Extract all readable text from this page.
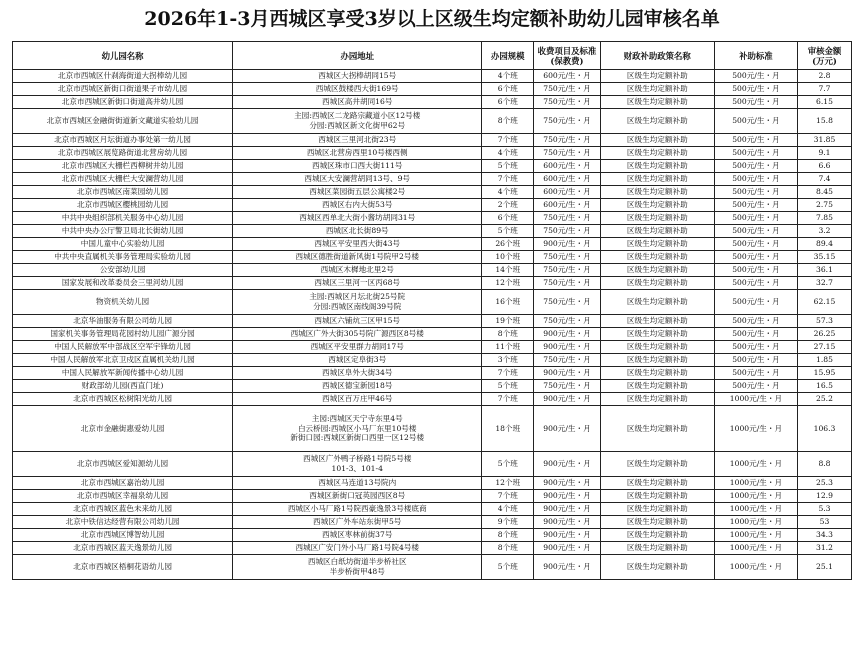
2026年1-3月西城区享受3岁以上区级生均定额补助幼儿园审核名单
幼儿园名称	办园地址	办园规模	收费项目及标准
(保教费)	财政补助政策名称	补助标准	审核金额
(万元)

北京市西城区什刹海街道大拐棒幼儿园	西城区大拐棒胡同15号	4个班	600元/生・月	区级生均定额补助	500元/生・月	2.8

北京市西城区新街口街道果子市幼儿园	西城区鼓楼西大街169号	6个班	750元/生・月	区级生均定额补助	500元/生・月	7.7

北京市西城区新街口街道高井幼儿园	西城区高井胡同16号	6个班	750元/生・月	区级生均定额补助	500元/生・月	6.15

北京市西城区金融街街道新文藏道实验幼儿园	主园:西城区二龙路宗藏道小区12号楼
分园:西城区新文化街甲62号	8个班	750元/生・月	区级生均定额补助	500元/生・月	15.8

北京市西城区月坛街道办事处第一幼儿园	西城区三里河北街23号	7个班	750元/生・月	区级生均定额补助	500元/生・月	31.85

北京市西城区展览路街道北营房幼儿园	西城区北营房西里10号楼西侧	4个班	750元/生・月	区级生均定额补助	500元/生・月	9.1

北京市西城区大栅栏西柳树井幼儿园	西城区珠市口西大街111号	5个班	600元/生・月	区级生均定额补助	500元/生・月	6.6

北京市西城区大栅栏大安澜营幼儿园	西城区大安澜营胡同13号、9号	7个班	600元/生・月	区级生均定额补助	500元/生・月	7.4

北京市西城区南菜园幼儿园	西城区菜园街五层公寓楼2号	4个班	600元/生・月	区级生均定额补助	500元/生・月	8.45

北京市西城区樱桃园幼儿园	西城区右内大街53号	2个班	600元/生・月	区级生均定额补助	500元/生・月	2.75

中共中央组织部机关服务中心幼儿园	西城区西单北大街小酱坊胡同31号	6个班	750元/生・月	区级生均定额补助	500元/生・月	7.85

中共中央办公厅警卫局北长街幼儿园	西城区北长街89号	5个班	750元/生・月	区级生均定额补助	500元/生・月	3.2

中国儿童中心实验幼儿园	西城区平安里西大街43号	26个班	900元/生・月	区级生均定额补助	500元/生・月	89.4

中共中央直属机关事务管理局实验幼儿园	西城区德胜街道新风街1号院甲2号楼	10个班	750元/生・月	区级生均定额补助	500元/生・月	35.15

公安部幼儿园	西城区木樨地北里2号	14个班	750元/生・月	区级生均定额补助	500元/生・月	36.1

国家发展和改革委员会三里河幼儿园	西城区三里河一区丙68号	12个班	750元/生・月	区级生均定额补助	500元/生・月	32.7

物资机关幼儿园	主园:西城区月坛北街25号院
分园:西城区南线阁39号院	16个班	750元/生・月	区级生均定额补助	500元/生・月	62.15

北京华油服务有限公司幼儿园	西城区六铺炕三区甲15号	19个班	750元/生・月	区级生均定额补助	500元/生・月	57.3

国家机关事务管理局花园村幼儿园广源分园	西城区广外大街305号院广源西区8号楼	8个班	900元/生・月	区级生均定额补助	500元/生・月	26.25

中国人民解放军中部战区空军宇锋幼儿园	西城区平安里群力胡同17号	11个班	900元/生・月	区级生均定额补助	500元/生・月	27.15

中国人民解放军北京卫戍区直属机关幼儿园	西城区定阜街3号	3个班	750元/生・月	区级生均定额补助	500元/生・月	1.85

中国人民解放军新闻传播中心幼儿园	西城区阜外大街34号	7个班	900元/生・月	区级生均定额补助	500元/生・月	15.95

财政部幼儿园(西直门址)	西城区德宝新园18号	5个班	750元/生・月	区级生均定额补助	500元/生・月	16.5

北京市西城区松树阳光幼儿园	西城区百万庄甲46号	7个班	900元/生・月	区级生均定额补助	1000元/生・月	25.2

北京市金融街惠爱幼儿园	主园:西城区天宁寺东里4号
白云桥园:西城区小马厂东里10号楼
新街口园:西城区新街口西里一区12号楼	18个班	900元/生・月	区级生均定额补助	1000元/生・月	106.3

北京市西城区爱知源幼儿园	西城区广外鸭子桥路1号院5号楼
101-3、101-4	5个班	900元/生・月	区级生均定额补助	1000元/生・月	8.8

北京市西城区嘉治幼儿园	西城区马连道13号院内	12个班	900元/生・月	区级生均定额补助	1000元/生・月	25.3

北京市西城区幸福泉幼儿园	西城区新街口冠英园西区8号	7个班	900元/生・月	区级生均定额补助	1000元/生・月	12.9

北京市西城区蓝色未来幼儿园	西城区小马厂路1号院西豪逸景3号楼底商	4个班	900元/生・月	区级生均定额补助	1000元/生・月	5.3

北京中铁信达经营有限公司幼儿园	西城区广外车站东街甲5号	9个班	900元/生・月	区级生均定额补助	1000元/生・月	53

北京市西城区博智幼儿园	西城区枣林前街37号	8个班	900元/生・月	区级生均定额补助	1000元/生・月	34.3

北京市西城区蓝天逸景幼儿园	西城区广安门外小马厂路1号院4号楼	8个班	900元/生・月	区级生均定额补助	1000元/生・月	31.2

北京市西城区梧桐花语幼儿园	西城区白纸坊街道半步桥社区
半步桥街甲48号	5个班	900元/生・月	区级生均定额补助	1000元/生・月	25.1
